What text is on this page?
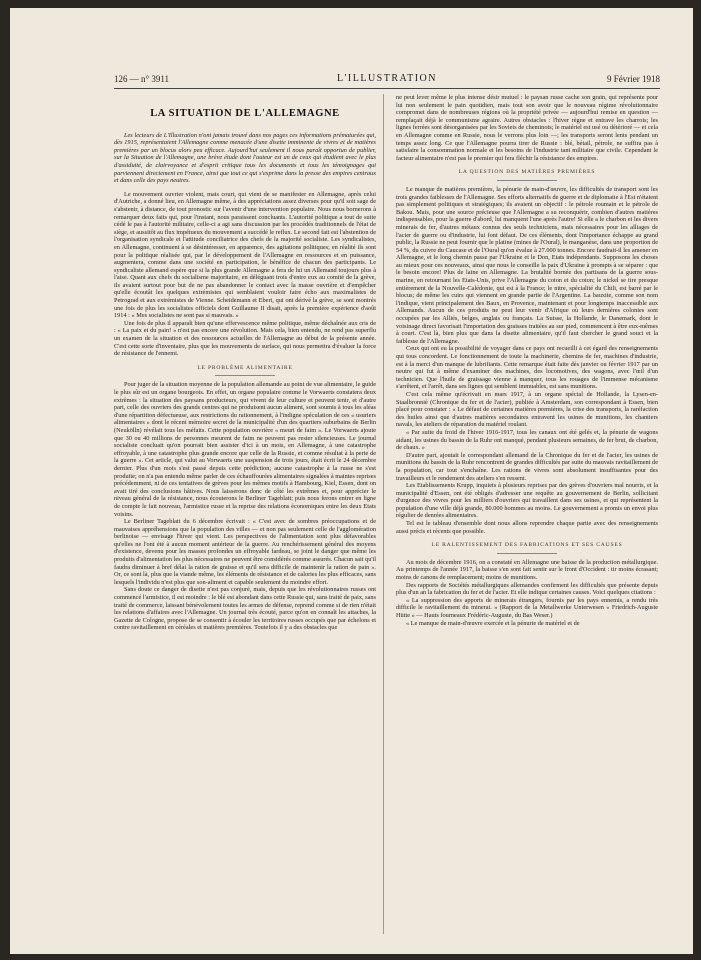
126 — n° 3911	L'ILLUSTRATION	9 Février 1918
LA SITUATION DE L'ALLEMAGNE

Les lecteurs de L'Illustration n'ont jamais trouvé dans nos pages ces informations prématurées qui, dès 1915, représentaient l'Allemagne comme menacée d'une disette imminente de vivres et de matières premières par un blocus alors peu efficace. Aujourd'hui seulement il nous paraît opportun de publier, sur la Situation de l'Allemagne, une brève étude dont l'auteur est un de ceux qui étudient avec le plus d'assiduité, de clairvoyance et d'esprit critique tous les documents et tous les témoignages qui parviennent directement en France, ainsi que tout ce qui s'exprime dans la presse des empires centraux et dans celle des pays neutres.

Le mouvement ouvrier violent, mais court, qui vient de se manifester en Allemagne, après celui d'Autriche, a donné lieu, en Allemagne même, à des appréciations assez diverses pour qu'il soit sage de s'abstenir, à distance, de tout pronostic sur l'avenir d'une intervention populaire. Nous nous bornerons à remarquer deux faits qui, pour l'instant, nous paraissent concluants. L'autorité politique a tout de suite cédé le pas à l'autorité militaire, celle-ci a agi sans discussion par les procédés traditionnels de l'état de siège, et aussitôt au flux impétueux du mouvement a succédé le reflux. Le second fait est l'abstention de l'organisation syndicale et l'attitude conciliatrice des chefs de la majorité socialiste. Les syndicalistes, en Allemagne, continuent à se désintéresser, en apparence, des agitations politiques; en réalité ils sont pour la politique réalisée qui, par le développement de l'Allemagne en ressources et en puissance, augmentera, comme dans une société en participation, le bénéfice de chacun des participants. Le syndicaliste allemand espère que si la plus grande Allemagne a fera de lui un Allemand toujours plus à l'aise. Quant aux chefs du socialisme majoritaire, en déléguant trois d'entre eux au comité de la grève, ils avaient surtout pour but de ne pas abandonner le contact avec la masse ouvrière et d'empêcher qu'elle écoutât les quelques extrémistes qui semblaient vouloir faire écho aux maximalistes de Petrograd et aux extrémistes de Vienne. Scheidemann et Ebert, qui ont dérivé la grève, se sont montrés une fois de plus les socialistes officiels dont Guillaume II disait, après la première expérience d'août 1914 : « Mes socialistes ne sont pas si mauvais. »

Une fois de plus il apparaît bien qu'une effervescence même politique, même déchaînée aux cris de : « La paix et du pain! » n'est pas encore une révolution. Mais cela, bien entendu, ne rend pas superflu un examen de la situation et des ressources actuelles de l'Allemagne au début de la présente année. C'est cette sorte d'inventaire, plus que les mouvements de surface, qui nous permettra d'évaluer la force de résistance de l'ennemi.

LE PROBLÈME ALIMENTAIRE

Pour juger de la situation moyenne de la population allemande au point de vue alimentaire, le guide le plus sûr est un organe bourgeois. En effet, un organe populaire comme le Vorwaerts constatera deux extrêmes : la situation des paysans producteurs, qui vivent de leur culture et peuvent tenir, et d'autre part, celle des ouvriers des grands centres qui ne produisent aucun aliment, sont soumis à tous les aléas d'une répartition défectueuse, aux restrictions du rationnement, à l'indigne spéculation de ces « usuriers alimentaires » dont le récent mémoire secret de la municipalité d'un des quartiers suburbains de Berlin (Neukölln) révélait tous les méfaits. Cette population ouvrière « meurt de faim ». Le Vorwaerts ajoute que 30 ou 40 millions de personnes meurent de faim ne peuvent pas rester silencieuses. Le journal socialiste concluait qu'on pourrait bien assister d'ici à un mois, en Allemagne, à une catastrophe effroyable, à une catastrophe plus grande encore que celle de la Russie, et comme résultat à la perte de la guerre ». Cet article, qui valut au Vorwaerts une suspension de trois jours, était écrit le 24 décembre dernier. Plus d'un mois s'est passé depuis cette prédiction; aucune catastrophe à la russe ne s'est produite; on n'a pas entendu même parler de ces échauffourées alimentaires signalées à maintes reprises précédemment, ni de ces tentatives de grèves pour les mêmes motifs à Hambourg, Kiel, Essen, dont on avait tiré des conclusions hâtives. Nous laisserons donc de côté les extrêmes et, pour apprécier le niveau général de la résistance, nous écouterons le Berliner Tageblatt; puis nous ferons entrer en ligne de compte le fait nouveau, l'armistice russe et la reprise des relations économiques entre les deux Etats voisins.

Le Berliner Tageblatt du 6 décembre écrivait : « C'est avec de sombres préoccupations et de mauvaises appréhensions que la population des villes — et non pas seulement celle de l'agglomération berlinoise — envisage l'hiver qui vient. Les perspectives de l'alimentation sont plus défavorables qu'elles ne l'ont été à aucun moment antérieur de la guerre. Au renchérissement général des moyens d'existence, devenu pour les masses profondes un effroyable fardeau, se joint le danger que même les produits d'alimentation les plus nécessaires ne peuvent être considérés comme assurés. Chacun sait qu'il faudra diminuer à bref délai la ration de graisse et qu'il sera difficile de maintenir la ration de pain ». Or, ce sont là, plus que la viande même, les éléments de résistance et de calories les plus efficaces, sans lesquels l'individu n'est plus que son-aliment et capable seulement du moindre effort.

Sans doute ce danger de disette n'est pas conjuré, mais, depuis que les révolutionnaires russes ont commencé l'armistice, il est moindre : le blé est abondant dans cette Russie qui, sans traité de paix, sans traité de commerce, laissant bénévolement toutes les armes de défense, reprend comme si de rien n'était les relations d'affaires avec l'Allemagne. Un journal très écouté, parce qu'on en connaît les attaches, la Gazette de Cologne, propose de se consentir à écouler les territoires russes occupés que par échelons et contre ravitaillement en céréales et matières premières. Toutefois il y a des obstacles que

ne peut lever même le plus intense désir mutuel : le paysan russe cache son grain, qui représente pour lui non seulement le pain quotidien, mais tout son avoir que le nouveau régime révolutionnaire compromet dans de nombreuses régions où la propriété privée — aujourd'hui remise en question — remplaçait déjà le communisme agraire. Autres obstacles : l'hiver règne et entrave les charrois; les lignes ferrées sont désorganisées par les Soviets de cheminots; le matériel est usé ou détérioré — et cela en Allemagne comme en Russie, nous le verrons plus loin —; les transports seront lents pendant un temps assez long. Ce que l'Allemagne pourra tirer de Russie : blé, bétail, pétrole, ne suffira pas à satisfaire la consommation normale et les besoins de l'industrie tant militaire que civile. Cependant le facteur alimentaire n'est pas le premier qui fera fléchir la résistance des empires.

LA QUESTION DES MATIÈRES PREMIÈRES

Le manque de matières premières, la pénurie de main-d'œuvre, les difficultés de transport sont les trois grandes faiblesses de l'Allemagne. Ses efforts alternatifs de guerre et de diplomatie à l'Est n'étaient pas simplement politiques et stratégiques; ils avaient un objectif : le pétrole roumain et le pétrole de Bakou. Mais, pour une source précieuse que l'Allemagne a su reconquérir, combien d'autres matières indispensables, pour la guerre d'abord, lui manquent l'une après l'autre! Si elle a le charbon et les divers minerais de fer, d'autres métaux connus des seuls techniciens, mais nécessaires pour les alliages de l'acier de guerre ou d'industrie, lui font défaut. De ces éléments, dont l'importance échappe au grand public, la Russie ne peut fournir que le platine (mines de l'Oural), le manganèse, dans une proportion de 54 %, du cuivre du Caucase et de l'Oural qu'on évalue à 27.000 tonnes. Encore faudrait-il les amener en Allemagne, et le long chemin passe par l'Ukraine et le Don, Etats indépendants. Supposons les choses au mieux pour ces nouveaux, ainsi que nous le conseille la paix d'Ukraine à prompts à se séparer : que le besoin encore! Plus de laine en Allemagne. La brutalité bornée des partisans de la guerre sous-marine, en retournant les Etats-Unis, prive l'Allemagne du coton et du coton; le nickel se tire presque entièrement de la Nouvelle-Calédonie, qui est à la France; le nitre, spécialité du Chili, est barré par le blocus; de même les cuirs qui viennent en grande partie de l'Argentine. La bauxite, comme son nom l'indique, vient principalement des Baux, en Provence, maintenant et pour longtemps inaccessible aux Allemands. Aucun de ces produits ne peut leur venir d'Afrique où leurs dernières colonies sont occupées par les Alliés, belges, anglais ou français. La Suisse, la Hollande, le Danemark, dont le voisinage direct favorisait l'importation des graisses traitées au sur pied, commencent à être eux-mêmes à court. C'est là, bien plus que dans la disette alimentaire, qu'il faut chercher le grand souci et la faiblesse de l'Allemagne.

Ceux qui ont eu la possibilité de voyager dans ce pays ont recueilli à cet égard des renseignements qui tous concordent. Le fonctionnement de toute la machinerie, chemins de fer, machines d'industrie, est à la merci d'un manque de lubrifiants. Cette remarque était faite dès janvier ou février 1917 par un neutre qui fut à même d'examiner des machines, des locomotives, des wagons, avec l'œil d'un technicien. Que l'huile de graissage vienne à manquer, tous les rouages de l'immense mécanisme s'arrêtent, et l'arrêt, dans ses lignes qui semblent immuables, est sans munitions.

C'est cela même qu'écrivait en mars 1917, à un organe spécial de Hollande, la Lysen-en-Staalbronnié (Chronique du fer et de l'acier), publiée à Amsterdam, son correspondant à Essen, bien placé pour constater : « Le défaut de certaines matières premières, la crise des transports, la raréfaction des huiles ainsi que d'autres matières secondaires entravent les usines de munitions, les chantiers navals, les ateliers de réparation du matériel roulant.

« Par suite du froid de l'hiver 1916-1917, tous les canaux ont été gelés et, la pénurie de wagons aidant, les usines du bassin de la Ruhr ont manqué, pendant plusieurs semaines, de fer brut, de charbon, de chaux. »

D'autre part, ajoutait le correspondant allemand de la Chronique du fer et de l'acier, les usines de munitions du bassin de la Ruhr rencontrent de grandes difficultés par suite du mauvais ravitaillement de la population, car tout s'enchaîne. Les rations de vivres sont absolument insuffisantes pour des travailleurs et le rendement des ateliers s'en ressent.

Les Etablissements Krupp, inquiets à plusieurs reprises par des grèves d'ouvriers mal nourris, et la municipalité d'Essen, ont été obligés d'adresser une requête au gouvernement de Berlin, sollicitant d'urgence des vivres pour les milliers d'ouvriers qui travaillent dans ses usines, et qui représentent la population d'une ville déjà grande, 80.000 hommes au moins. Le gouvernement a promis un envoi plus régulier de denrées alimentaires.

Tel est le tableau d'ensemble dont nous allons reprendre chaque partie avec des renseignements aussi précis et récents que possible.

LE RALENTISSEMENT DES FABRICATIONS ET SES CAUSES

Au mois de décembre 1916, on a constaté en Allemagne une baisse de la production métallurgique. Au printemps de l'année 1917, la baisse s'en sont fait sentir sur le front d'Occident : tir moins écrasant; moins de canons de remplacement; moins de munitions.

Des rapports de Sociétés métallurgiques allemandes confirment les difficultés que présente depuis plus d'un an la fabrication du fer et de l'acier. Et elle indique certaines causes. Voici quelques citations :

« La suppression des apports de minerais étrangers, fournis par les pays ennemis, a rendu très difficile le ravitaillement du minerai. » (Rapport de la Metallwerke Unterwesen « Friedrich-Auguste Hütte » — Hauts fourneaux Frédéric-Auguste, du Bas Weser.)

« Le manque de main-d'œuvre exercée et la pénurie de matériel et de
